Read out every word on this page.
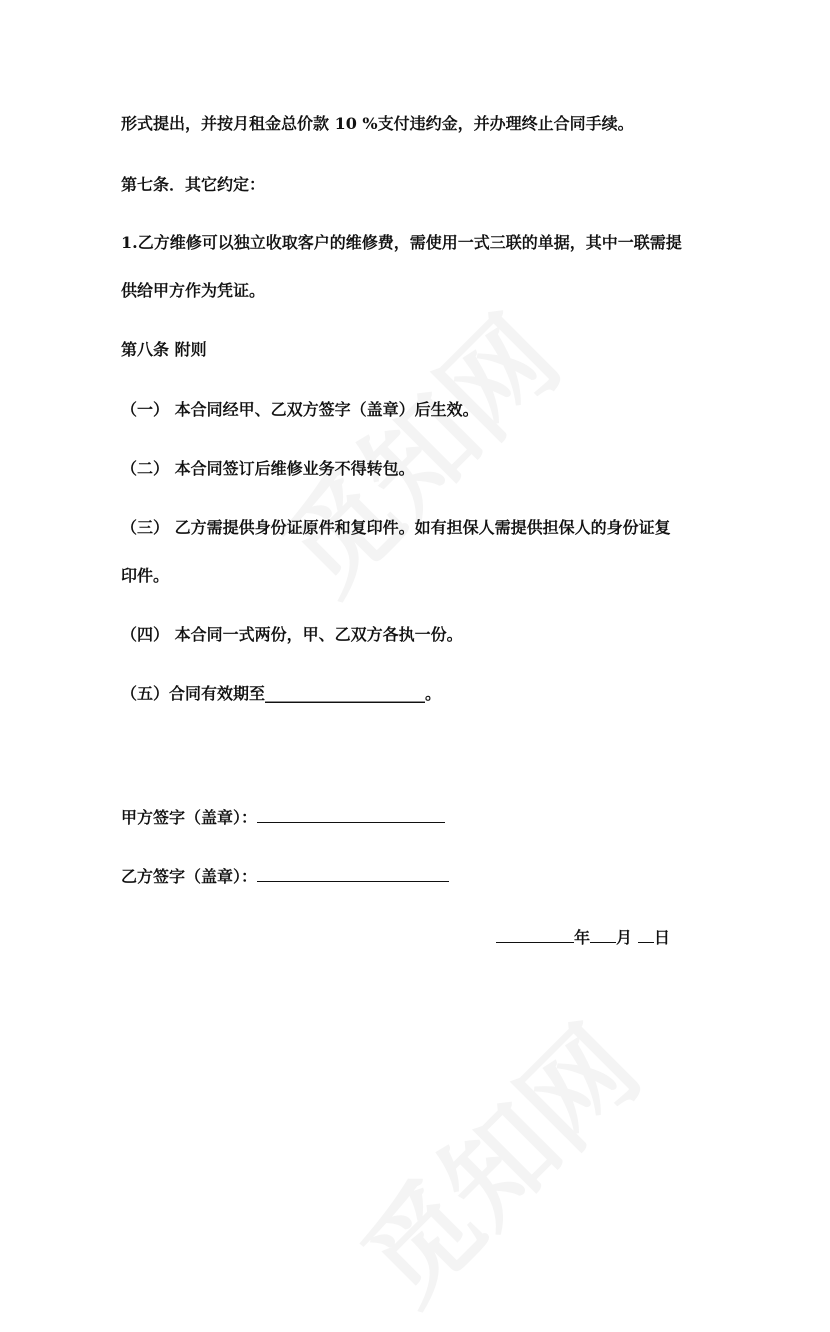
形式提出，并按月租金总价款 10 %支付违约金，并办理终止合同手续。
第七条．其它约定：
1.乙方维修可以独立收取客户的维修费，需使用一式三联的单据，其中一联需提
供给甲方作为凭证。
第八条 附则
（一） 本合同经甲、乙双方签字（盖章）后生效。
（二） 本合同签订后维修业务不得转包。
（三） 乙方需提供身份证原件和复印件。如有担保人需提供担保人的身份证复
印件。
（四） 本合同一式两份，甲、乙双方各执一份。
（五）合同有效期至____________________。
甲方签字（盖章）：
乙方签字（盖章）：
年 月 日
